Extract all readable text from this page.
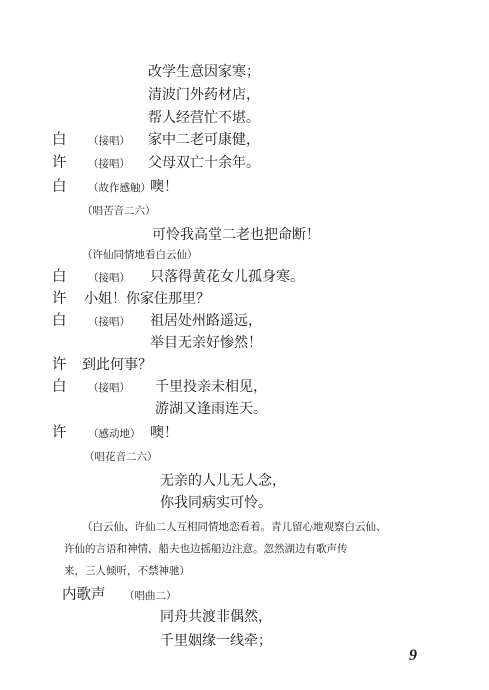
改学生意因家寒；
清波门外药材店，
帮人经营忙不堪。
白 （接唱） 家中二老可康健，
许 （接唱） 父母双亡十余年。
白 （故作感触） 噢！
（唱苦音二六）
可怜我高堂二老也把命断！
（许仙同情地看白云仙）
白 （接唱） 只落得黄花女儿孤身寒。
许 小姐！你家住那里？
白 （接唱） 祖居处州路遥远，
举目无亲好惨然！
许 到此何事？
白 （接唱） 千里投亲未相见，
游湖又逢雨连天。
许 （感动地） 噢！
（唱花音二六）
无亲的人儿无人念，
你我同病实可怜。
（白云仙、许仙二人互相同情地恋看着。青儿留心地观察白云仙、
许仙的言语和神情，船夫也边摇船边注意。忽然湖边有歌声传
来，三人倾听，不禁神驰）
内歌声 （唱曲二）
同舟共渡非偶然，
千里姻缘一线牵；
9
